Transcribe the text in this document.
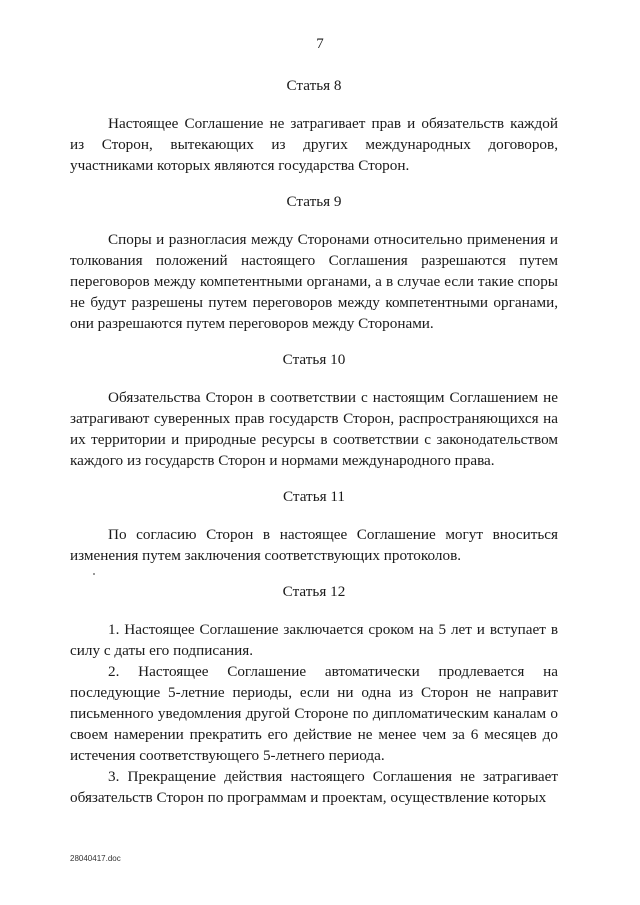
7

Статья 8

Настоящее Соглашение не затрагивает прав и обязательств каждой из Сторон, вытекающих из других международных договоров, участниками которых являются государства Сторон.

Статья 9

Споры и разногласия между Сторонами относительно применения и толкования положений настоящего Соглашения разрешаются путем переговоров между компетентными органами, а в случае если такие споры не будут разрешены путем переговоров между компетентными органами, они разрешаются путем переговоров между Сторонами.

Статья 10

Обязательства Сторон в соответствии с настоящим Соглашением не затрагивают суверенных прав государств Сторон, распространяющихся на их территории и природные ресурсы в соответствии с законодательством каждого из государств Сторон и нормами международного права.

Статья 11

По согласию Сторон в настоящее Соглашение могут вноситься изменения путем заключения соответствующих протоколов.

Статья 12

1. Настоящее Соглашение заключается сроком на 5 лет и вступает в силу с даты его подписания.

2. Настоящее Соглашение автоматически продлевается на последующие 5-летние периоды, если ни одна из Сторон не направит письменного уведомления другой Стороне по дипломатическим каналам о своем намерении прекратить его действие не менее чем за 6 месяцев до истечения соответствующего 5-летнего периода.

3. Прекращение действия настоящего Соглашения не затрагивает обязательств Сторон по программам и проектам, осуществление которых

28040417.doc
